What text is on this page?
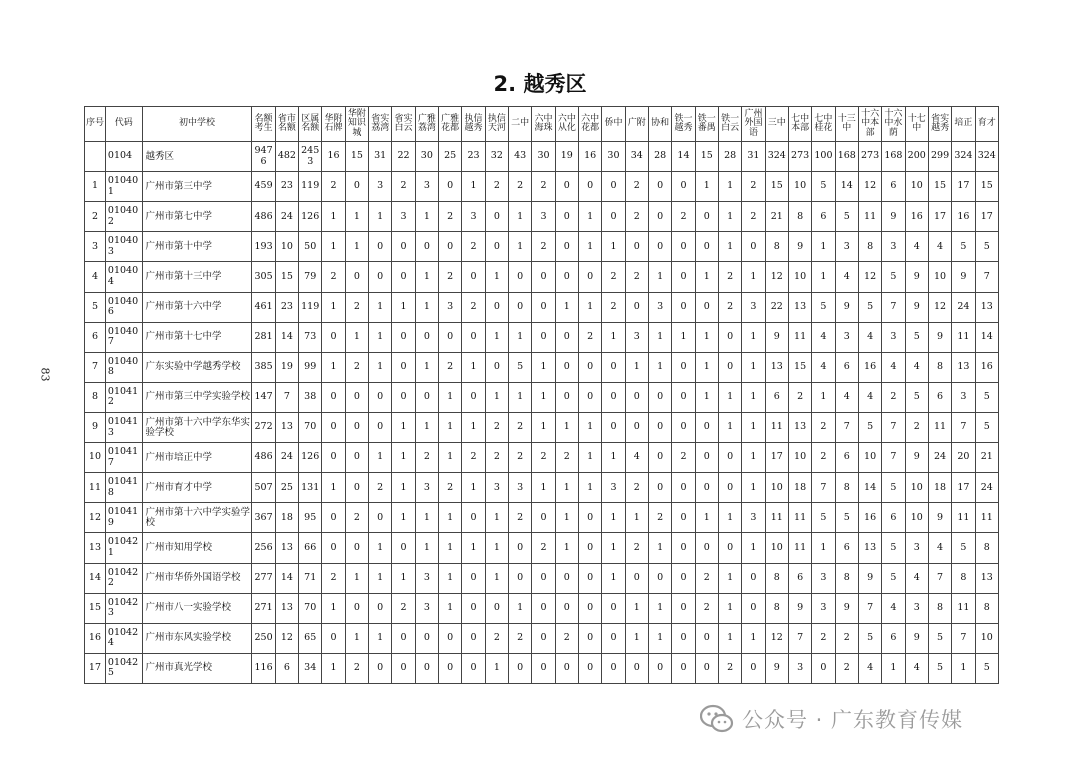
2. 越秀区
83
序号	代码	初中学校	名额考生	省市名额	区属名额	华附石牌	华附知识城	省实荔湾	省实白云	广雅荔湾	广雅花都	执信越秀	执信天河	二中	六中海珠	六中从化	六中花都	侨中	广附	协和	铁一越秀	铁一番禺	铁一白云	广州外国语	三中	七中本部	七中桂花	十三中	十六中本部	十六中水荫	十七中	省实越秀	培正	育才
	0104	越秀区	9476	482	2453	16	15	31	22	30	25	23	32	43	30	19	16	30	34	28	14	15	28	31	324	273	100	168	273	168	200	299	324	324
1	010401	广州市第三中学	459	23	119	2	0	3	2	3	0	1	2	2	2	0	0	0	2	0	0	1	1	2	15	10	5	14	12	6	10	15	17	15
2	010402	广州市第七中学	486	24	126	1	1	1	3	1	2	3	0	1	3	0	1	0	2	0	2	0	1	2	21	8	6	5	11	9	16	17	16	17
3	010403	广州市第十中学	193	10	50	1	1	0	0	0	0	2	0	1	2	0	1	1	0	0	0	0	1	0	8	9	1	3	8	3	4	4	5	5
4	010404	广州市第十三中学	305	15	79	2	0	0	0	1	2	0	1	0	0	0	0	2	2	1	0	1	2	1	12	10	1	4	12	5	9	10	9	7
5	010406	广州市第十六中学	461	23	119	1	2	1	1	1	3	2	0	0	0	1	1	2	0	3	0	0	2	3	22	13	5	9	5	7	9	12	24	13
6	010407	广州市第十七中学	281	14	73	0	1	1	0	0	0	0	1	1	0	0	2	1	3	1	1	1	0	1	9	11	4	3	4	3	5	9	11	14
7	010408	广东实验中学越秀学校	385	19	99	1	2	1	0	1	2	1	0	5	1	0	0	0	1	1	0	1	0	1	13	15	4	6	16	4	4	8	13	16
8	010412	广州市第三中学实验学校	147	7	38	0	0	0	0	0	1	0	1	1	1	0	0	0	0	0	0	1	1	1	6	2	1	4	4	2	5	6	3	5
9	010413	广州市第十六中学东华实验学校	272	13	70	0	0	0	1	1	1	1	2	2	1	1	1	0	0	0	0	0	1	1	11	13	2	7	5	7	2	11	7	5
10	010417	广州市培正中学	486	24	126	0	0	1	1	2	1	2	2	2	2	2	1	1	4	0	2	0	0	1	17	10	2	6	10	7	9	24	20	21
11	010418	广州市育才中学	507	25	131	1	0	2	1	3	2	1	3	3	1	1	1	3	2	0	0	0	0	1	10	18	7	8	14	5	10	18	17	24
12	010419	广州市第十六中学实验学校	367	18	95	0	2	0	1	1	1	0	1	2	0	1	0	1	1	2	0	1	1	3	11	11	5	5	16	6	10	9	11	11
13	010421	广州市知用学校	256	13	66	0	0	1	0	1	1	1	1	0	2	1	0	1	2	1	0	0	0	1	10	11	1	6	13	5	3	4	5	8
14	010422	广州市华侨外国语学校	277	14	71	2	1	1	1	3	1	0	1	0	0	0	0	1	0	0	0	2	1	0	8	6	3	8	9	5	4	7	8	13
15	010423	广州市八一实验学校	271	13	70	1	0	0	2	3	1	0	0	1	0	0	0	0	1	1	0	2	1	0	8	9	3	9	7	4	3	8	11	8
16	010424	广州市东风实验学校	250	12	65	0	1	1	0	0	0	0	2	2	0	2	0	0	1	1	0	0	1	1	12	7	2	2	5	6	9	5	7	10
17	010425	广州市真光学校	116	6	34	1	2	0	0	0	0	0	1	0	0	0	0	0	0	0	0	0	2	0	9	3	0	2	4	1	4	5	1	5
公众号 · 广东教育传媒
